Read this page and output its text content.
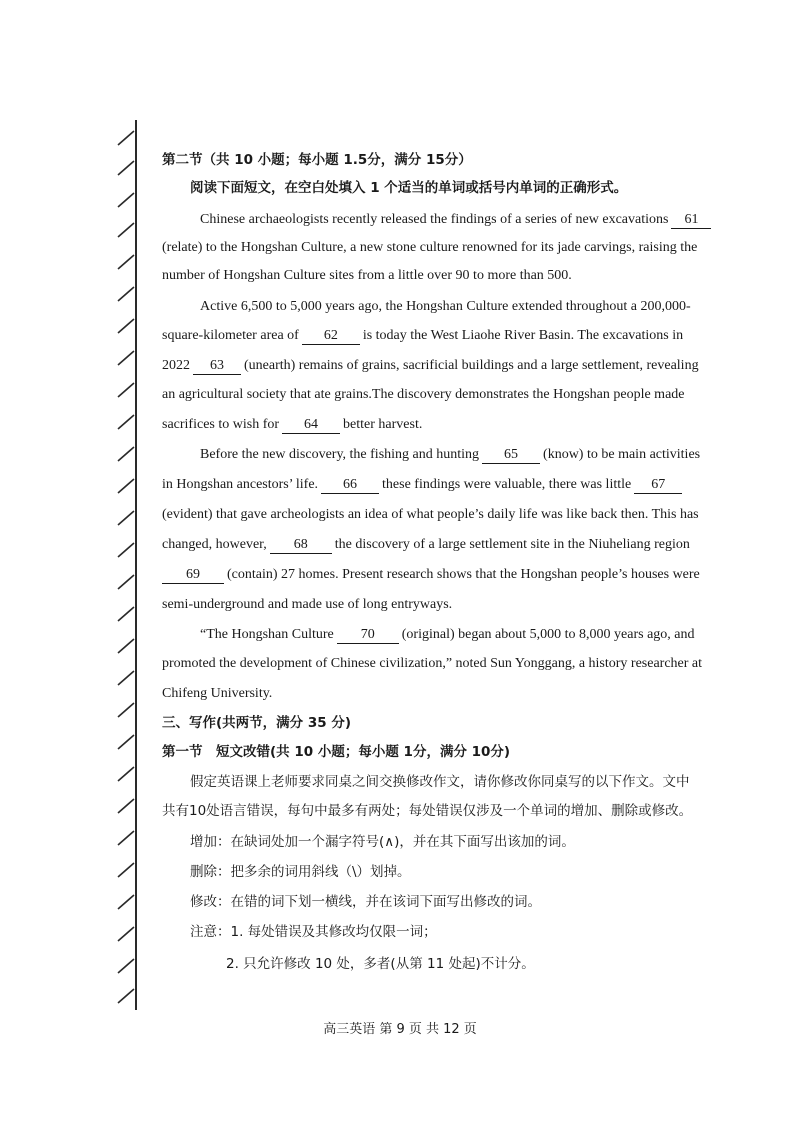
第二节（共 10 小题；每小题 1.5分，满分 15分）
阅读下面短文，在空白处填入 1 个适当的单词或括号内单词的正确形式。
Chinese archaeologists recently released the findings of a series of new excavations 61
(relate) to the Hongshan Culture, a new stone culture renowned for its jade carvings, raising the
number of Hongshan Culture sites from a little over 90 to more than 500.
Active 6,500 to 5,000 years ago, the Hongshan Culture extended throughout a 200,000-
square-kilometer area of 62 is today the West Liaohe River Basin. The excavations in
2022 63 (unearth) remains of grains, sacrificial buildings and a large settlement, revealing
an agricultural society that ate grains.The discovery demonstrates the Hongshan people made
sacrifices to wish for 64 better harvest.
Before the new discovery, the fishing and hunting 65 (know) to be main activities
in Hongshan ancestors’ life. 66 these findings were valuable, there was little 67
(evident) that gave archeologists an idea of what people’s daily life was like back then. This has
changed, however, 68 the discovery of a large settlement site in the Niuheliang region
69 (contain) 27 homes. Present research shows that the Hongshan people’s houses were
semi-underground and made use of long entryways.
“The Hongshan Culture 70 (original) began about 5,000 to 8,000 years ago, and
promoted the development of Chinese civilization,” noted Sun Yonggang, a history researcher at
Chifeng University.
三、写作(共两节，满分 35 分)
第一节　短文改错(共 10 小题；每小题 1分，满分 10分)
假定英语课上老师要求同桌之间交换修改作文，请你修改你同桌写的以下作文。文中
共有10处语言错误，每句中最多有两处；每处错误仅涉及一个单词的增加、删除或修改。
增加：在缺词处加一个漏字符号(∧)，并在其下面写出该加的词。
删除：把多余的词用斜线（\）划掉。
修改：在错的词下划一横线，并在该词下面写出修改的词。
注意：1. 每处错误及其修改均仅限一词；
2. 只允许修改 10 处，多者(从第 11 处起)不计分。
高三英语 第 9 页 共 12 页
